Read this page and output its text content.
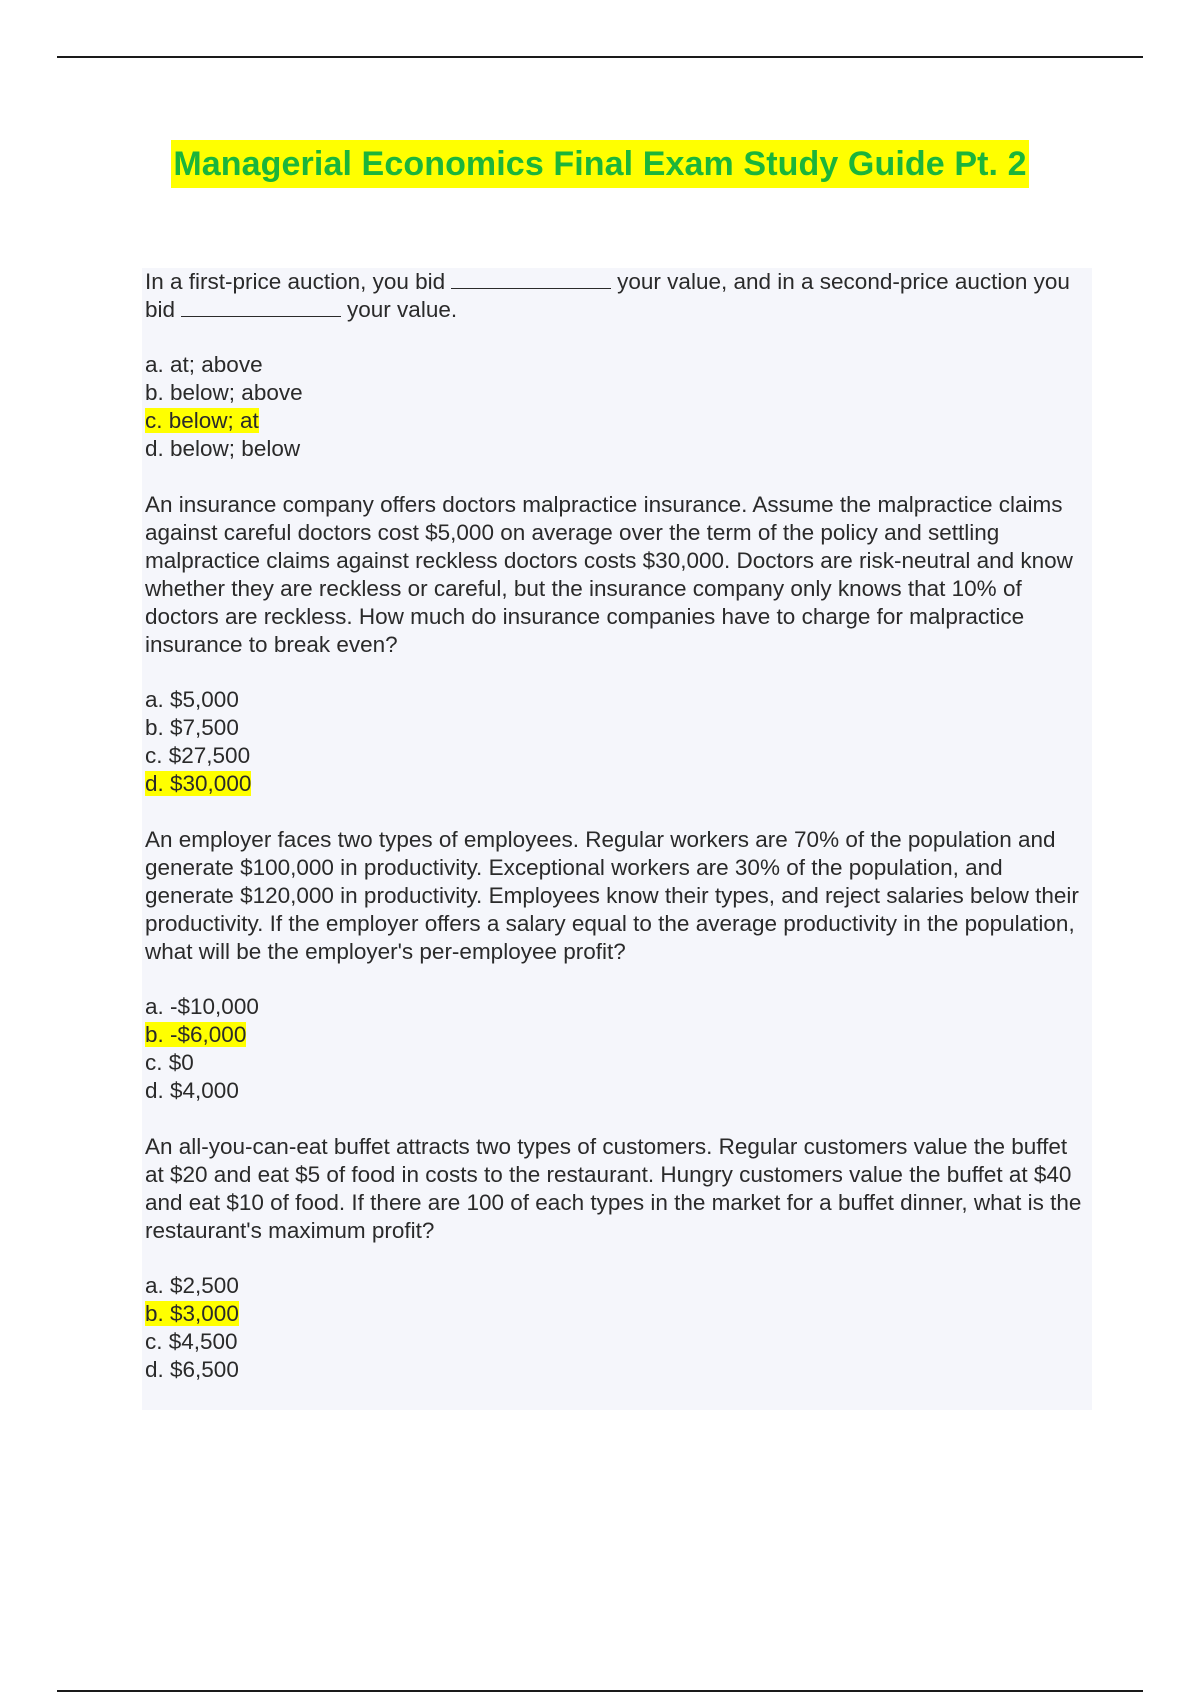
Managerial Economics Final Exam Study Guide Pt. 2

In a first-price auction, you bid	your value, and in a second-price auction you bid	your value.

a. at; above
b. below; above
c. below; at
d. below; below

An insurance company offers doctors malpractice insurance. Assume the malpractice claims against careful doctors cost $5,000 on average over the term of the policy and settling malpractice claims against reckless doctors costs $30,000. Doctors are risk-neutral and know whether they are reckless or careful, but the insurance company only knows that 10% of doctors are reckless. How much do insurance companies have to charge for malpractice insurance to break even?

a. $5,000
b. $7,500
c. $27,500
d. $30,000

An employer faces two types of employees. Regular workers are 70% of the population and generate $100,000 in productivity. Exceptional workers are 30% of the population, and generate $120,000 in productivity. Employees know their types, and reject salaries below their productivity. If the employer offers a salary equal to the average productivity in the population, what will be the employer's per-employee profit?

a. -$10,000
b. -$6,000
c. $0
d. $4,000

An all-you-can-eat buffet attracts two types of customers. Regular customers value the buffet at $20 and eat $5 of food in costs to the restaurant. Hungry customers value the buffet at $40 and eat $10 of food. If there are 100 of each types in the market for a buffet dinner, what is the restaurant's maximum profit?

a. $2,500
b. $3,000
c. $4,500
d. $6,500
